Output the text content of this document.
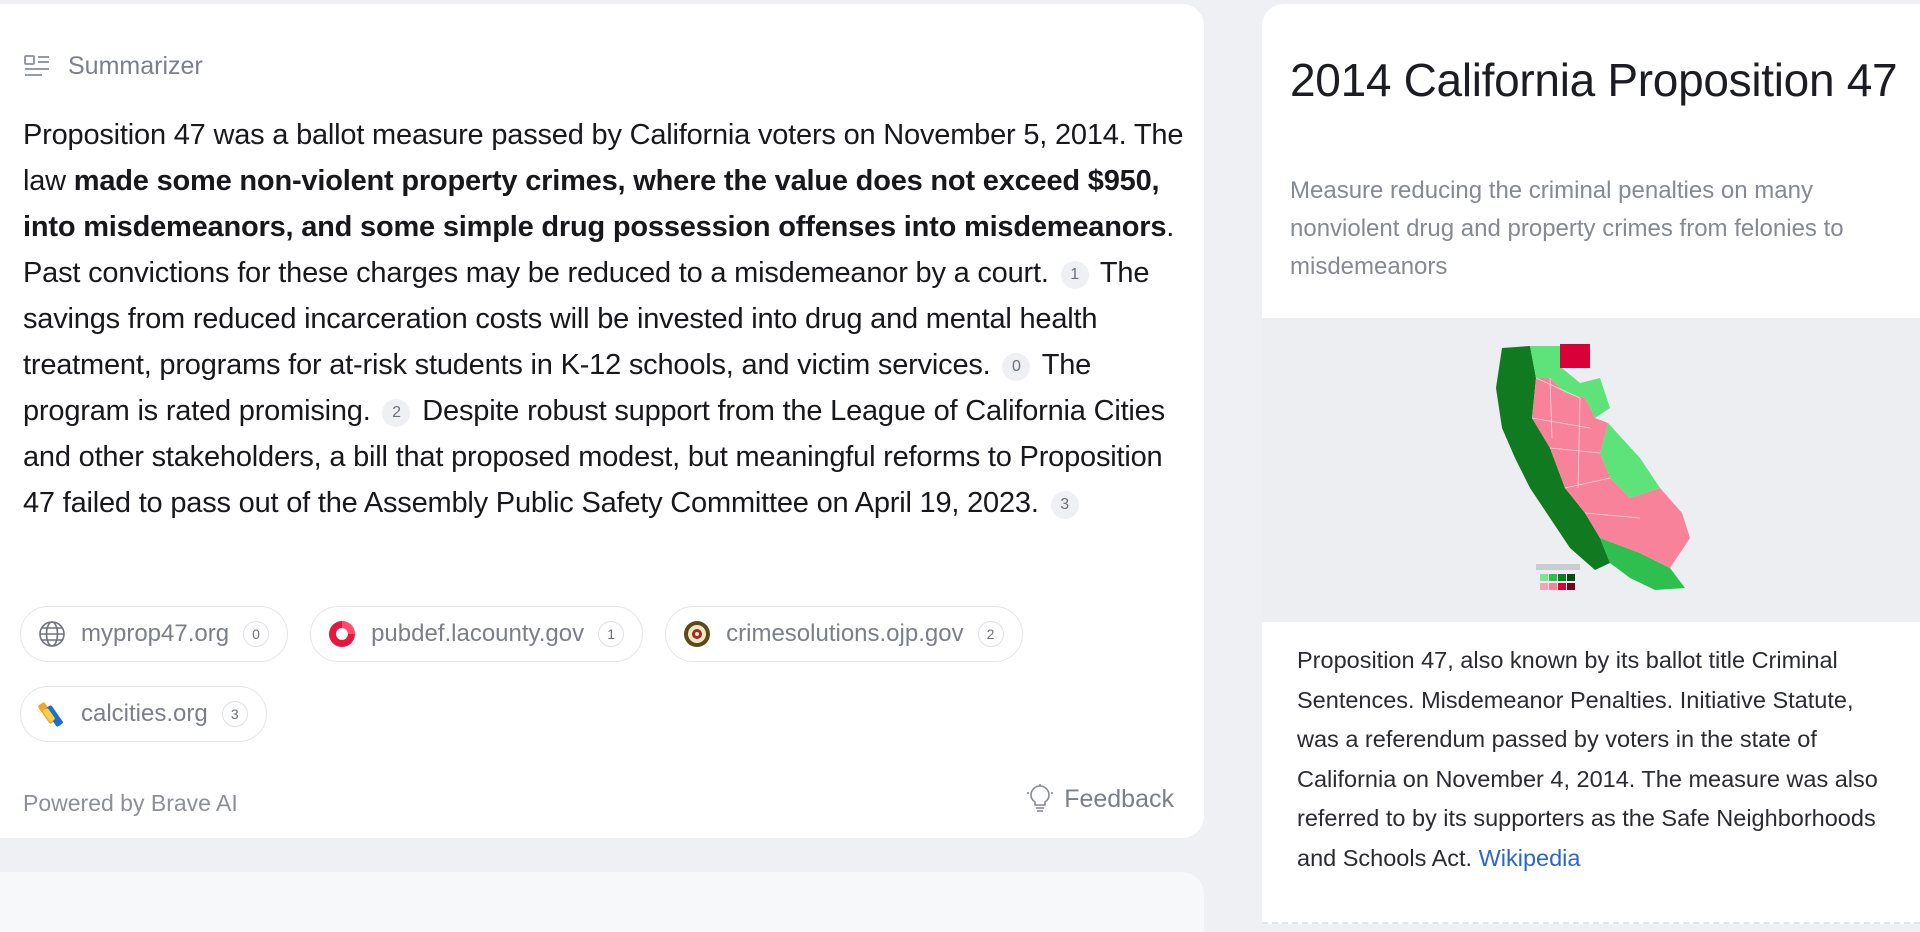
Summarizer
Proposition 47 was a ballot measure passed by California voters on November 5, 2014. The law made some non-violent property crimes, where the value does not exceed $950, into misdemeanors, and some simple drug possession offenses into misdemeanors. Past convictions for these charges may be reduced to a misdemeanor by a court. 1 The savings from reduced incarceration costs will be invested into drug and mental health treatment, programs for at-risk students in K-12 schools, and victim services. 0 The program is rated promising. 2 Despite robust support from the League of California Cities and other stakeholders, a bill that proposed modest, but meaningful reforms to Proposition 47 failed to pass out of the Assembly Public Safety Committee on April 19, 2023. 3
myprop47.org	0	pubdef.lacounty.gov	1	crimesolutions.ojp.gov	2
calcities.org	3
Powered by Brave AI	Feedback
2014 California Proposition 47
Measure reducing the criminal penalties on many nonviolent drug and property crimes from felonies to misdemeanors
Proposition 47, also known by its ballot title Criminal Sentences. Misdemeanor Penalties. Initiative Statute, was a referendum passed by voters in the state of California on November 4, 2014. The measure was also referred to by its supporters as the Safe Neighborhoods and Schools Act. Wikipedia
